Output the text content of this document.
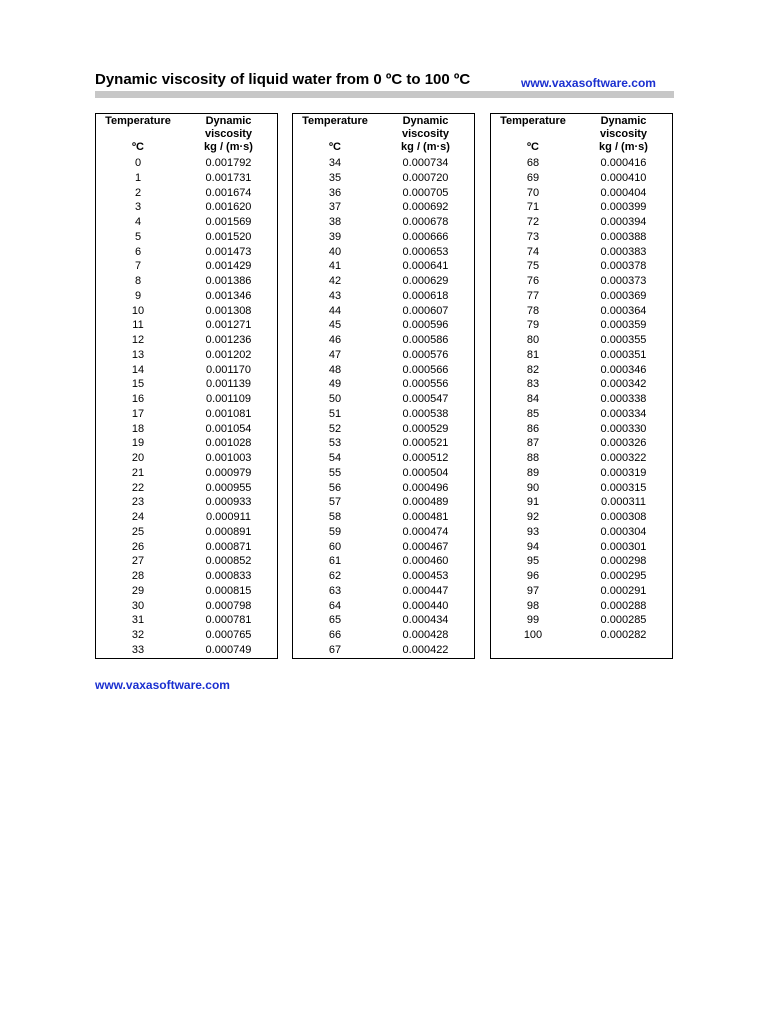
Dynamic viscosity of liquid water from 0 ºC to 100 ºC	www.vaxasoftware.com
Temperature
ºC
Dynamic
viscosity
kg / (m·s)
0	0.001792
1	0.001731
2	0.001674
3	0.001620
4	0.001569
5	0.001520
6	0.001473
7	0.001429
8	0.001386
9	0.001346
10	0.001308
11	0.001271
12	0.001236
13	0.001202
14	0.001170
15	0.001139
16	0.001109
17	0.001081
18	0.001054
19	0.001028
20	0.001003
21	0.000979
22	0.000955
23	0.000933
24	0.000911
25	0.000891
26	0.000871
27	0.000852
28	0.000833
29	0.000815
30	0.000798
31	0.000781
32	0.000765
33	0.000749
Temperature
ºC
Dynamic
viscosity
kg / (m·s)
34	0.000734
35	0.000720
36	0.000705
37	0.000692
38	0.000678
39	0.000666
40	0.000653
41	0.000641
42	0.000629
43	0.000618
44	0.000607
45	0.000596
46	0.000586
47	0.000576
48	0.000566
49	0.000556
50	0.000547
51	0.000538
52	0.000529
53	0.000521
54	0.000512
55	0.000504
56	0.000496
57	0.000489
58	0.000481
59	0.000474
60	0.000467
61	0.000460
62	0.000453
63	0.000447
64	0.000440
65	0.000434
66	0.000428
67	0.000422
Temperature
ºC
Dynamic
viscosity
kg / (m·s)
68	0.000416
69	0.000410
70	0.000404
71	0.000399
72	0.000394
73	0.000388
74	0.000383
75	0.000378
76	0.000373
77	0.000369
78	0.000364
79	0.000359
80	0.000355
81	0.000351
82	0.000346
83	0.000342
84	0.000338
85	0.000334
86	0.000330
87	0.000326
88	0.000322
89	0.000319
90	0.000315
91	0.000311
92	0.000308
93	0.000304
94	0.000301
95	0.000298
96	0.000295
97	0.000291
98	0.000288
99	0.000285
100	0.000282
www.vaxasoftware.com
